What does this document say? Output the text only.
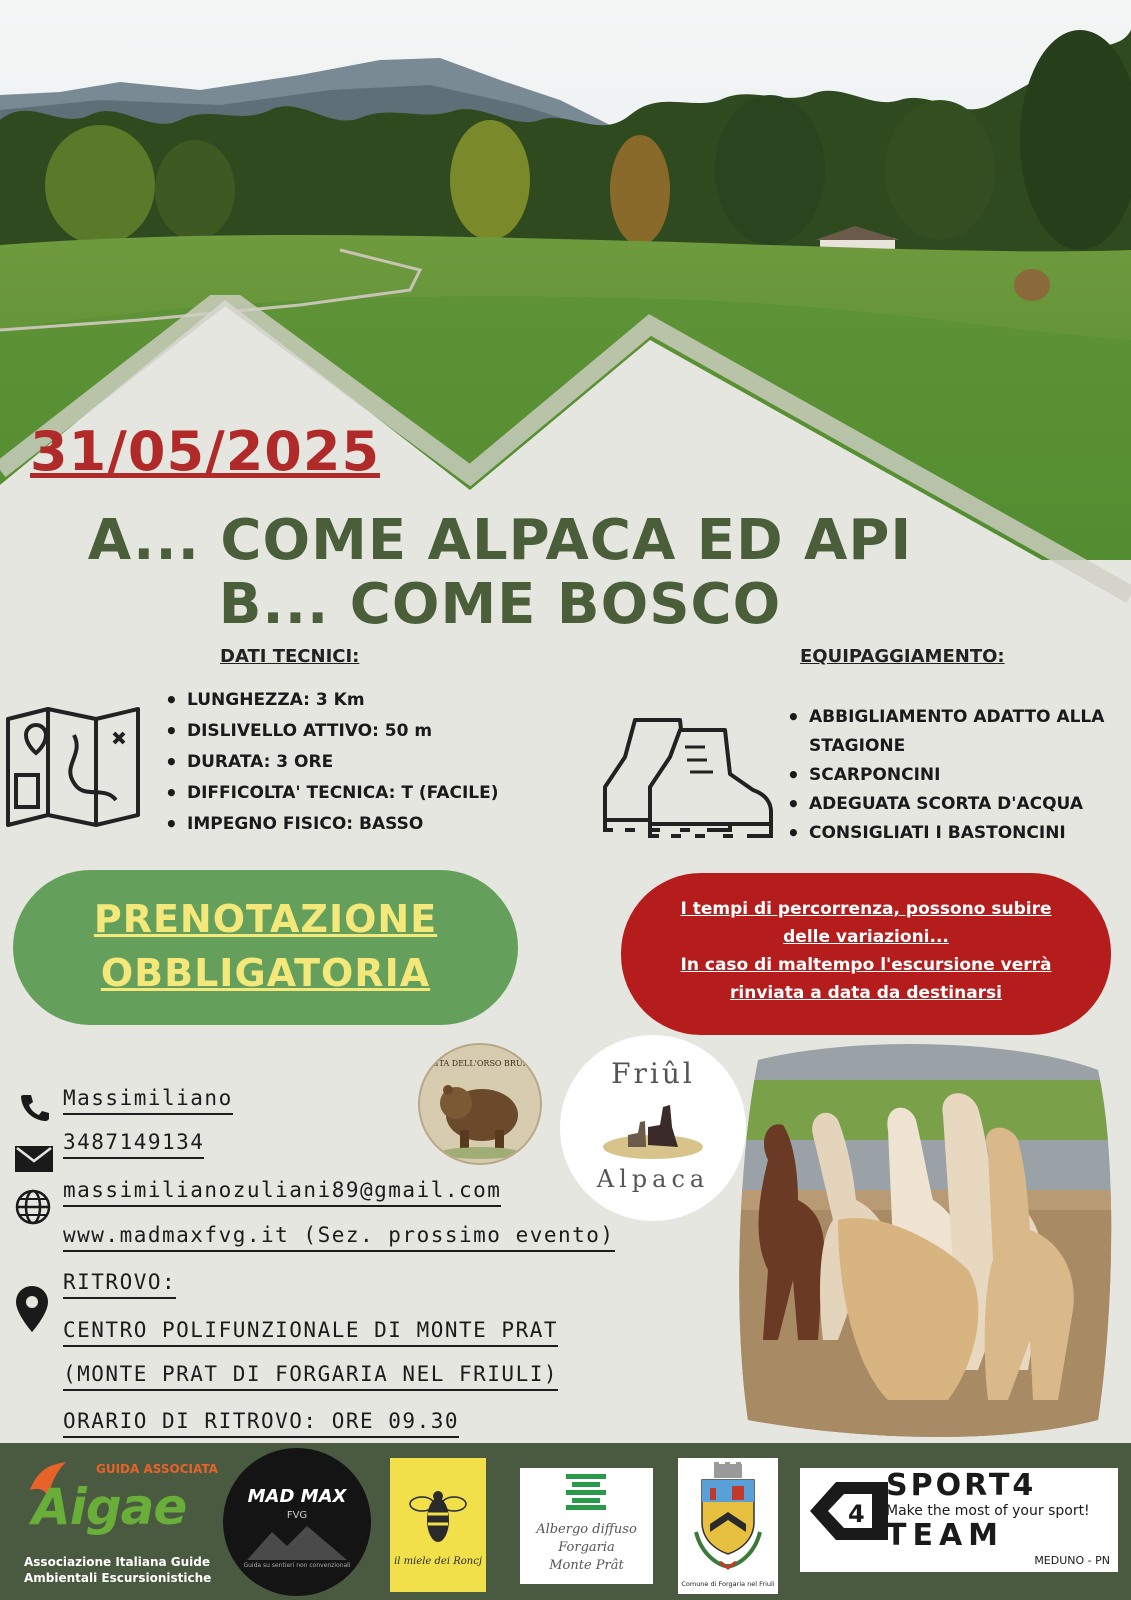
31/05/2025
A... COME ALPACA ED API
B... COME BOSCO
DATI TECNICI:
• LUNGHEZZA: 3 Km
• DISLIVELLO ATTIVO: 50 m
• DURATA: 3 ORE
• DIFFICOLTA' TECNICA: T (FACILE)
• IMPEGNO FISICO: BASSO
EQUIPAGGIAMENTO:
• ABBIGLIAMENTO ADATTO ALLA STAGIONE
• SCARPONCINI
• ADEGUATA SCORTA D'ACQUA
• CONSIGLIATI I BASTONCINI
PRENOTAZIONE
OBBLIGATORIA
I tempi di percorrenza, possono subire
delle variazioni...
In caso di maltempo l'escursione verrà
rinviata a data da destinarsi
BAITA DELL'ORSO BRUNO	Friûl
Alpaca
Massimiliano
3487149134
massimilianozuliani89@gmail.com
www.madmaxfvg.it (Sez. prossimo evento)
RITROVO:
CENTRO POLIFUNZIONALE DI MONTE PRAT
(MONTE PRAT DI FORGARIA NEL FRIULI)
ORARIO DI RITROVO: ORE 09.30
GUIDA ASSOCIATA
Aigae
Associazione Italiana Guide
Ambientali Escursionistiche
MAD MAX
FVG
Guida su sentieri non convenzionali	il miele dei Roncj
Albergo diffuso
Forgaria
Monte Prât
Comune di Forgaria nel Friuli
4
SPORT4
Make the most of your sport!
TEAM
MEDUNO - PN
